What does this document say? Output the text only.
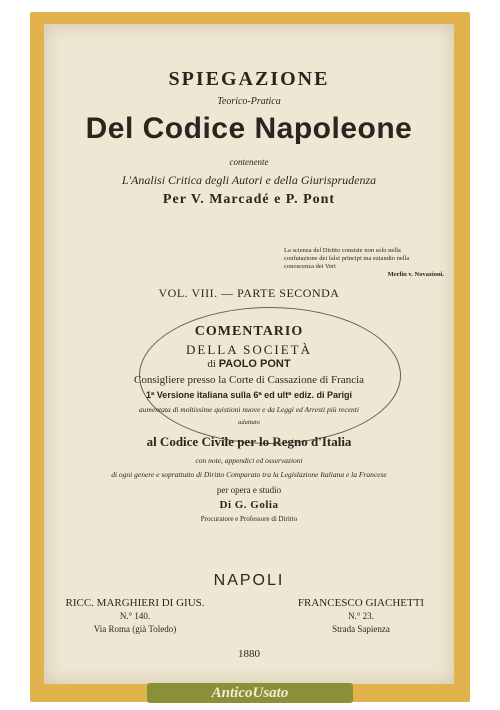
SPIEGAZIONE
Teorico-Pratica
Del Codice Napoleone
contenente
L'Analisi Critica degli Autori e della Giurisprudenza
Per V. Marcadé e P. Pont
La scienza del Diritto consiste non solo nella
confutazione dei falsi principi ma eziandio nella
conoscenza dei Veri
Merlin v. Novazioni.
VOL. VIII. — PARTE SECONDA
COMENTARIO
DELLA SOCIETÀ
di PAOLO PONT
Consigliere presso la Corte di Cassazione di Francia
1ª Versione italiana sulla 6ª ed ultª ediz. di Parigi
aumentata di moltissime quistioni nuove e da Leggi ed Arresti più recenti
adattato
al Codice Civile per lo Regno d'Italia
con note, appendici ed osservazioni
di ogni genere e soprattutto di Diritto Comparato tra la Legislazione Italiana e la Francese
per opera e studio
Di G. Golia
Procuratore e Professore di Diritto
NAPOLI
RICC. MARGHIERI DI GIUS.
N.° 140.
Via Roma (già Toledo)
FRANCESCO GIACHETTI
N.° 23.
Strada Sapienza
1880
AnticoUsato
